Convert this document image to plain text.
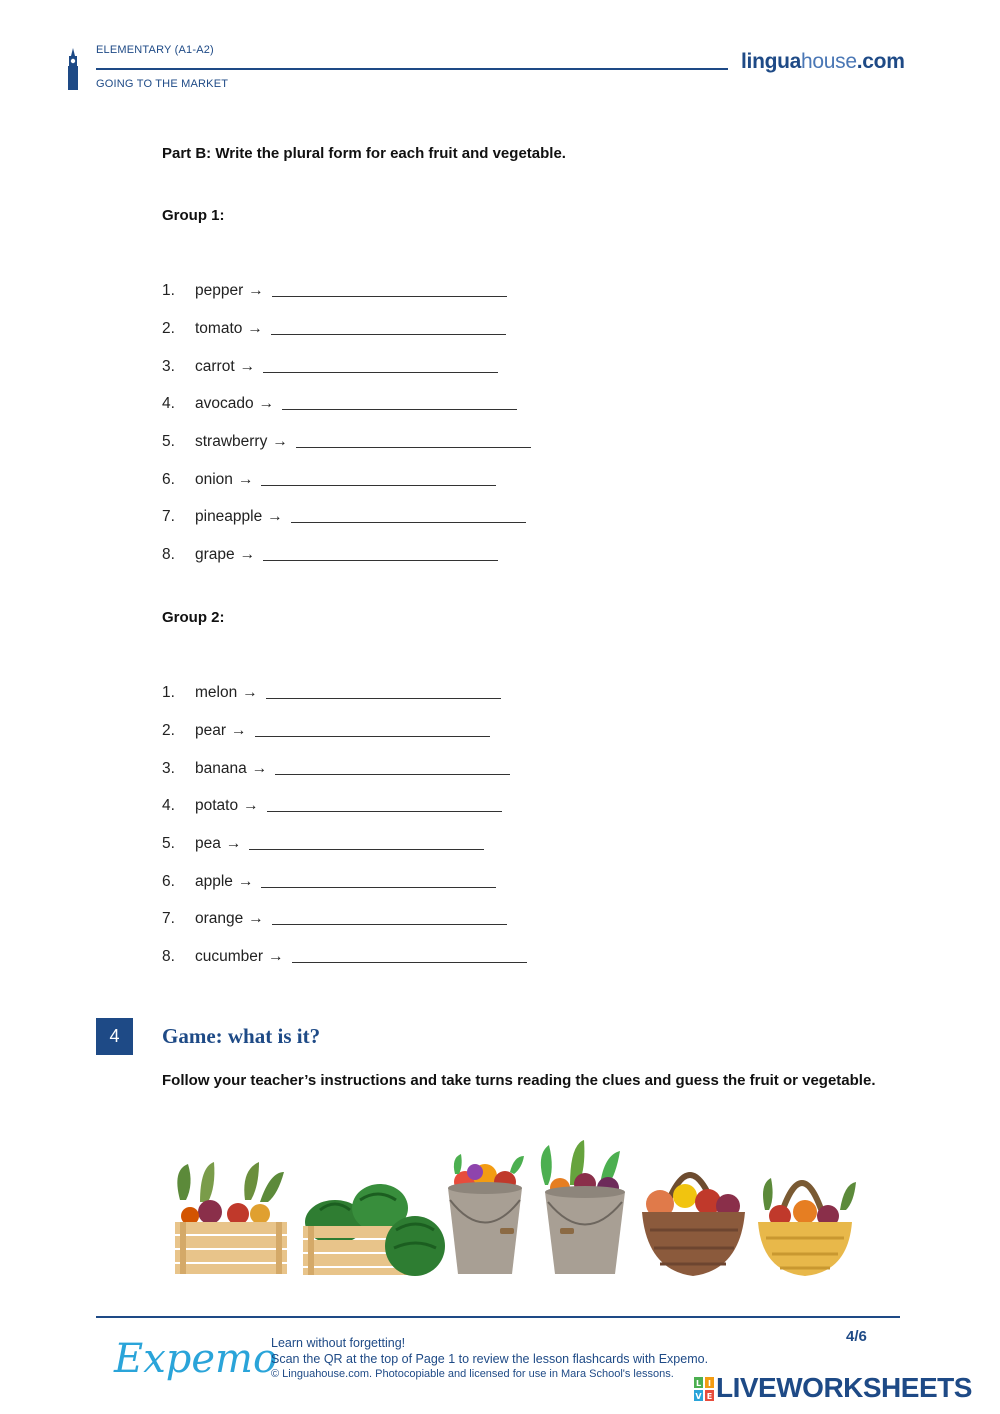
ELEMENTARY (A1-A2)
GOING TO THE MARKET
linguahouse.com
Part B: Write the plural form for each fruit and vegetable.
Group 1:
1.	pepper →
2.	tomato →
3.	carrot →
4.	avocado →
5.	strawberry →
6.	onion →
7.	pineapple →
8.	grape →
Group 2:
1.	melon →
2.	pear →
3.	banana →
4.	potato →
5.	pea →
6.	apple →
7.	orange →
8.	cucumber →
4	Game: what is it?
Follow your teacher’s instructions and take turns reading the clues and guess the fruit or vegetable.
Expemo
Learn without forgetting!
Scan the QR at the top of Page 1 to review the lesson flashcards with Expemo.
© Linguahouse.com. Photocopiable and licensed for use in Mara School's lessons.
4/6
L I
V E LIVEWORKSHEETS
